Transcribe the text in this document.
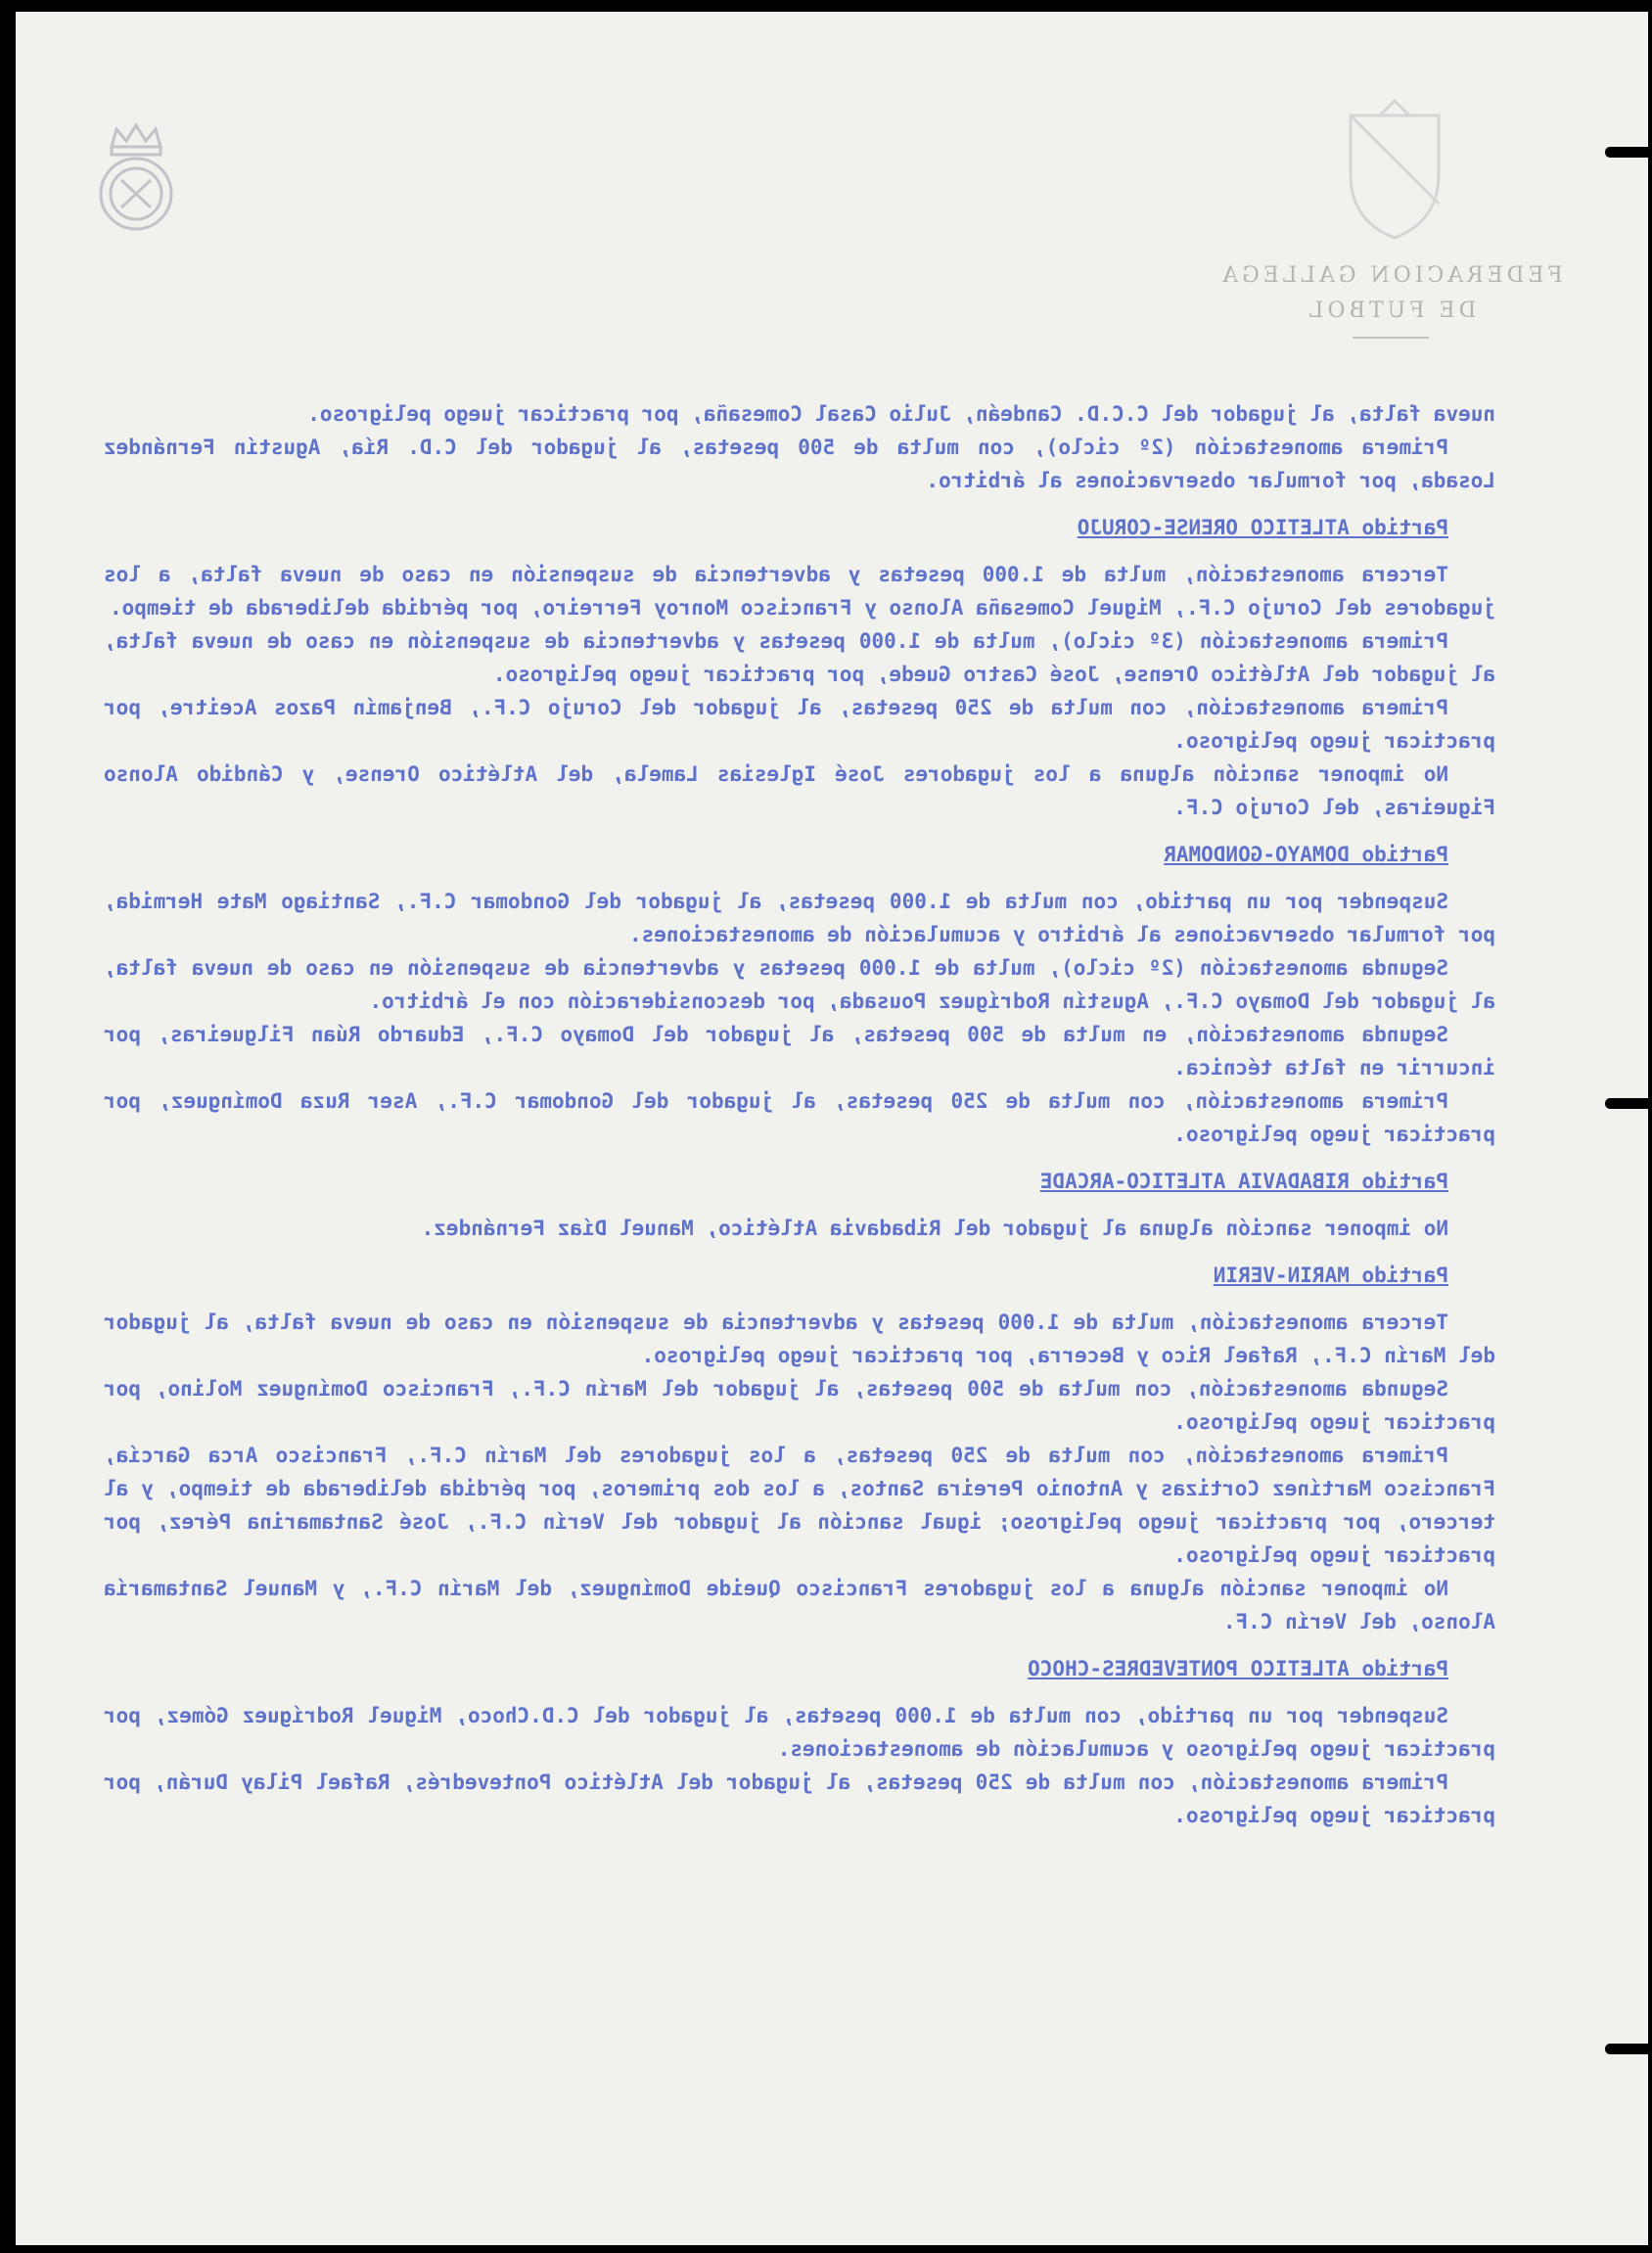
FEDERACION GALLEGA
DE FUTBOL

nueva falta, al jugador del C.C.D. Candeán, Julio Casal Comesaña, por practicar juego peligroso.

Primera amonestación (2º ciclo), con multa de 500 pesetas, al jugador del C.D. Ría, Agustín Fernández Losada, por formular observaciones al árbitro.

Partido ATLETICO ORENSE-CORUJO

Tercera amonestación, multa de 1.000 pesetas y advertencia de suspensión en caso de nueva falta, a los jugadores del Corujo C.F., Miguel Comesaña Alonso y Francisco Monroy Ferreiro, por pérdida deliberada de tiempo.

Primera amonestación (3º ciclo), multa de 1.000 pesetas y advertencia de suspensión en caso de nueva falta, al jugador del Atlético Orense, José Castro Guede, por practicar juego peligroso.

Primera amonestación, con multa de 250 pesetas, al jugador del Corujo C.F., Benjamín Pazos Aceitre, por practicar juego peligroso.

No imponer sanción alguna a los jugadores José Iglesias Lamela, del Atlético Orense, y Cándido Alonso Figueiras, del Corujo C.F.

Partido DOMAYO-GONDOMAR

Suspender por un partido, con multa de 1.000 pesetas, al jugador del Gondomar C.F., Santiago Mate Hermida, por formular observaciones al árbitro y acumulación de amonestaciones.

Segunda amonestación (2º ciclo), multa de 1.000 pesetas y advertencia de suspensión en caso de nueva falta, al jugador del Domayo C.F., Agustín Rodríguez Pousada, por desconsideración con el árbitro.

Segunda amonestación, en multa de 500 pesetas, al jugador del Domayo C.F., Eduardo Rúan Filgueiras, por incurrir en falta técnica.

Primera amonestación, con multa de 250 pesetas, al jugador del Gondomar C.F., Aser Ruza Domínguez, por practicar juego peligroso.

Partido RIBADAVIA ATLETICO-ARCADE

No imponer sanción alguna al jugador del Ribadavia Atlético, Manuel Díaz Fernández.

Partido MARIN-VERIN

Tercera amonestación, multa de 1.000 pesetas y advertencia de suspensión en caso de nueva falta, al jugador del Marín C.F., Rafael Rico y Becerra, por practicar juego peligroso.

Segunda amonestación, con multa de 500 pesetas, al jugador del Marín C.F., Francisco Domínguez Molino, por practicar juego peligroso.

Primera amonestación, con multa de 250 pesetas, a los jugadores del Marín C.F., Francisco Arca García, Francisco Martínez Cortizas y Antonio Pereira Santos, a los dos primeros, por pérdida deliberada de tiempo, y al tercero, por practicar juego peligroso; igual sanción al jugador del Verín C.F., José Santamarina Pérez, por practicar juego peligroso.

No imponer sanción alguna a los jugadores Francisco Queide Domínguez, del Marín C.F., y Manuel Santamaría Alonso, del Verín C.F.

Partido ATLETICO PONTEVEDRES-CHOCO

Suspender por un partido, con multa de 1.000 pesetas, al jugador del C.D.Choco, Miguel Rodríguez Gómez, por practicar juego peligroso y acumulación de amonestaciones.

Primera amonestación, con multa de 250 pesetas, al jugador del Atlético Pontevedrés, Rafael Pilay Durán, por practicar juego peligroso.
